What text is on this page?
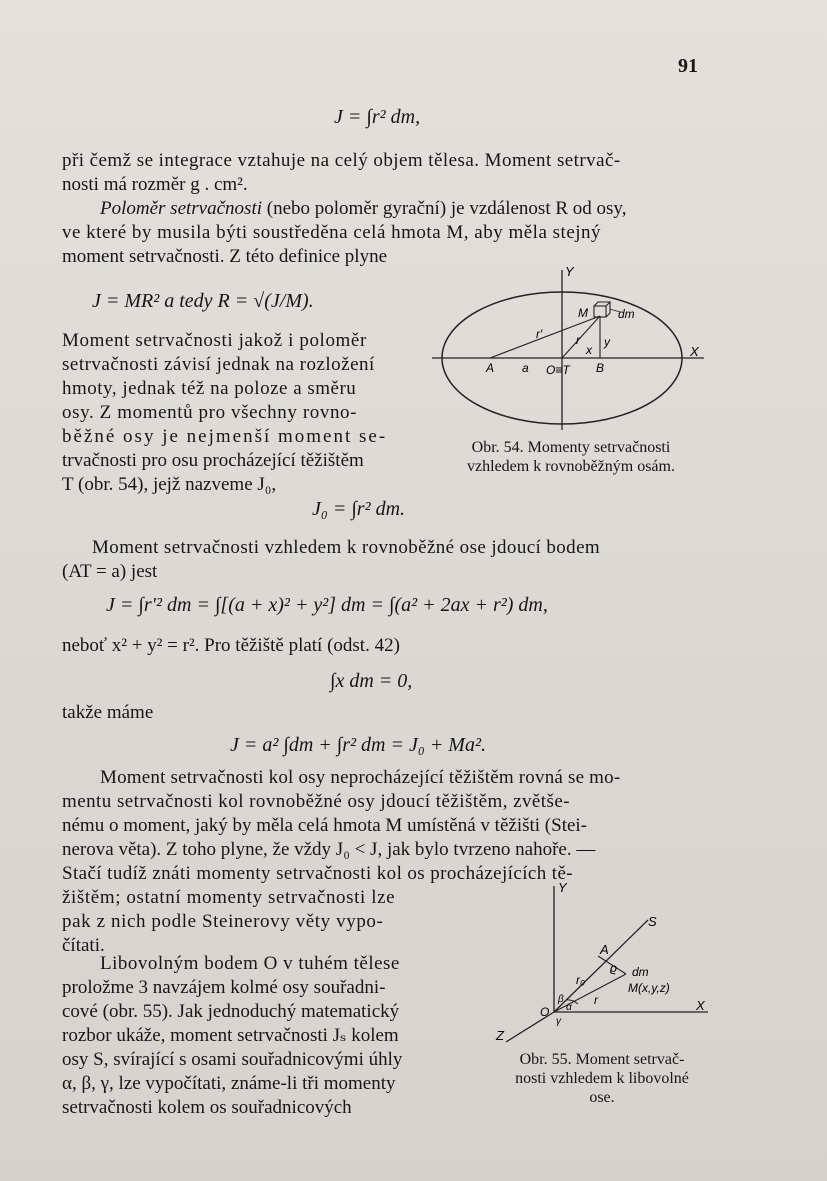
91
J = ∫r² dm,
při čemž se integrace vztahuje na celý objem tělesa. Moment setrvač-
nosti má rozměr g . cm².
Poloměr setrvačnosti (nebo poloměr gyrační) je vzdálenost R od osy,
ve které by musila býti soustředěna celá hmota M, aby měla stejný
moment setrvačnosti. Z této definice plyne
J = MR² a tedy R = √(J/M).
Moment setrvačnosti jakož i poloměr
setrvačnosti závisí jednak na rozložení
hmoty, jednak též na poloze a směru
osy. Z momentů pro všechny rovno-
běžné osy je nejmenší moment se-
trvačnosti pro osu procházející těžištěm
T (obr. 54), jejž nazveme J₀,
Y
X
M	dm
r′	r
x
y
A a O≡T B
Obr. 54. Momenty setrvačnosti
vzhledem k rovnoběžným osám.
J₀ = ∫r² dm.
Moment setrvačnosti vzhledem k rovnoběžné ose jdoucí bodem
(AT = a) jest
J = ∫r′² dm = ∫[(a + x)² + y²] dm = ∫(a² + 2ax + r²) dm,
neboť x² + y² = r². Pro těžiště platí (odst. 42)
∫x dm = 0,
takže máme
J = a² ∫dm + ∫r² dm = J₀ + Ma².
Moment setrvačnosti kol osy neprocházející těžištěm rovná se mo-
mentu setrvačnosti kol rovnoběžné osy jdoucí těžištěm, zvětše-
nému o moment, jaký by měla celá hmota M umístěná v těžišti (Stei-
nerova věta). Z toho plyne, že vždy J₀ < J, jak bylo tvrzeno nahoře. —
Stačí tudíž znáti momenty setrvačnosti kol os procházejících tě-
žištěm; ostatní momenty setrvačnosti lze
pak z nich podle Steinerovy věty vypo-
čítati.
Libovolným bodem O v tuhém tělese
proložme 3 navzájem kolmé osy souřadni-
cové (obr. 55). Jak jednoduchý matematický
rozbor ukáže, moment setrvačnosti Jₛ kolem
osy S, svírající s osami souřadnicovými úhly
α, β, γ, lze vypočítati, známe-li tři momenty
setrvačnosti kolem os souřadnicových
Y
S
A
r₀
ϱ dm
M(x,y,z)
O
r	X
Z
α
β
γ
Obr. 55. Moment setrvač-
nosti vzhledem k libovolné
ose.
